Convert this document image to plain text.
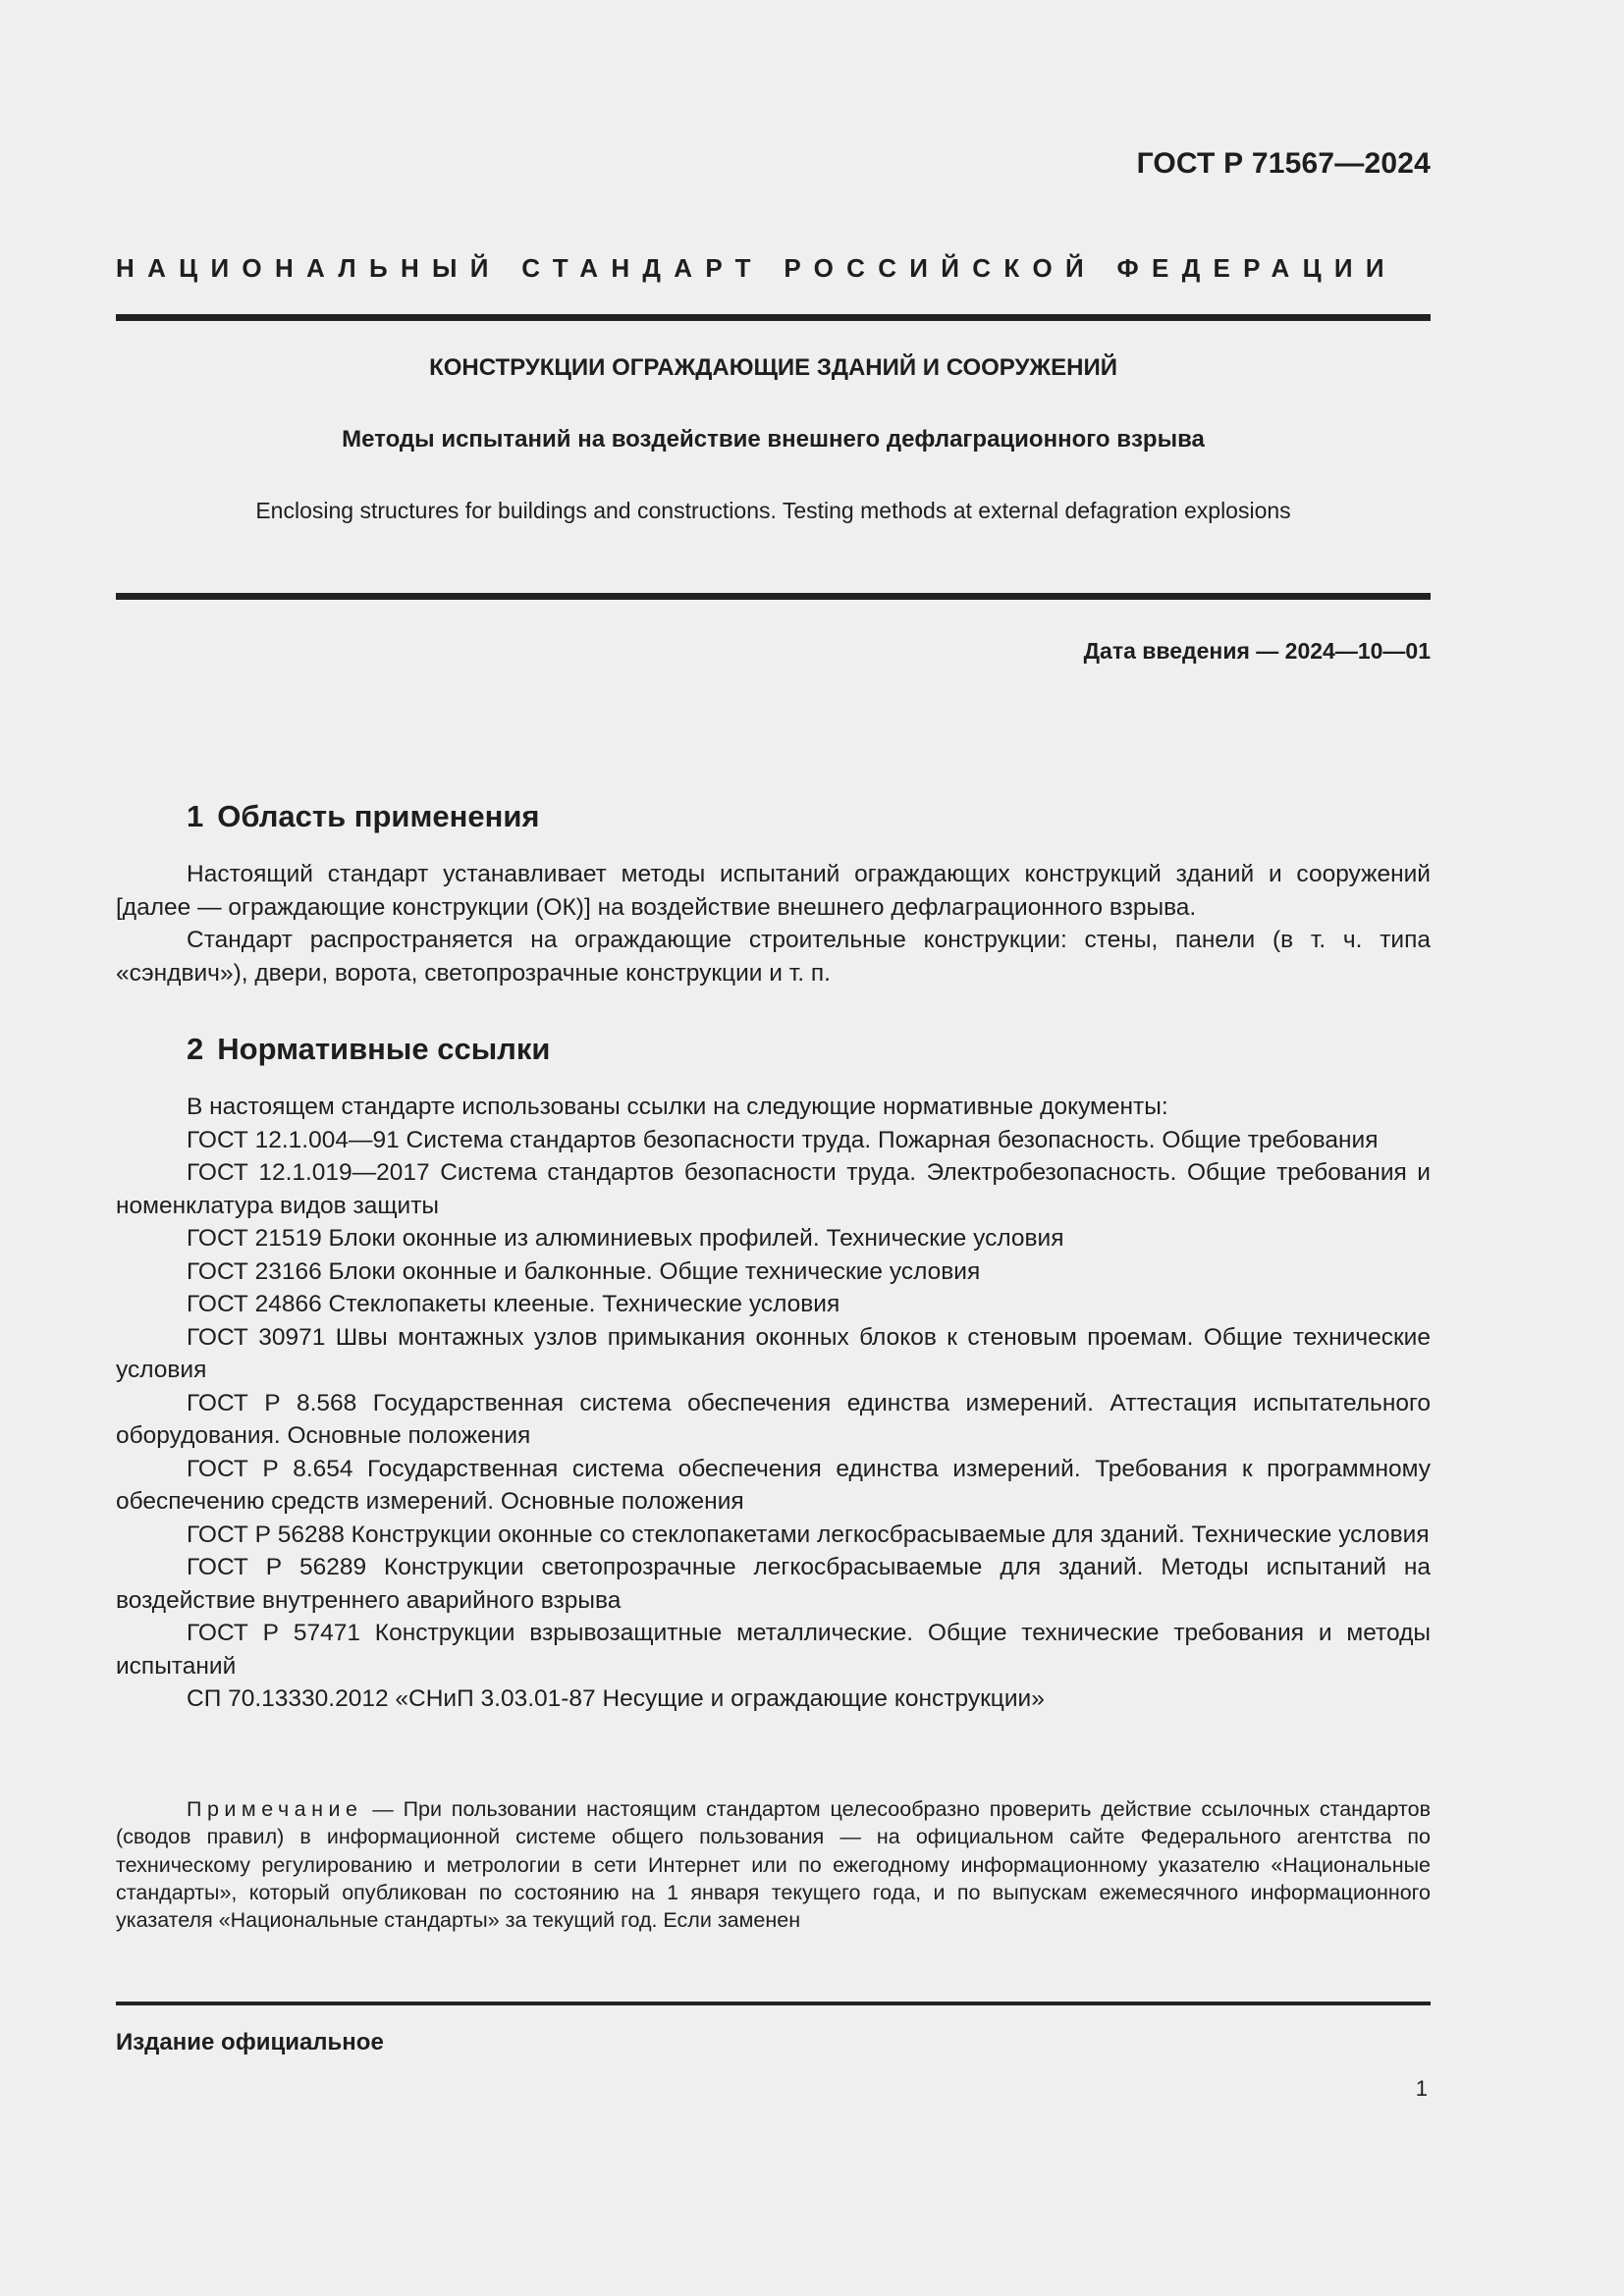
ГОСТ Р 71567—2024
НАЦИОНАЛЬНЫЙ СТАНДАРТ РОССИЙСКОЙ ФЕДЕРАЦИИ
КОНСТРУКЦИИ ОГРАЖДАЮЩИЕ ЗДАНИЙ И СООРУЖЕНИЙ
Методы испытаний на воздействие внешнего дефлаграционного взрыва
Enclosing structures for buildings and constructions. Testing methods at external defagration explosions
Дата введения — 2024—10—01
1 Область применения

Настоящий стандарт устанавливает методы испытаний ограждающих конструкций зданий и сооружений [далее — ограждающие конструкции (ОК)] на воздействие внешнего дефлаграционного взрыва.

Стандарт распространяется на ограждающие строительные конструкции: стены, панели (в т. ч. типа «сэндвич»), двери, ворота, светопрозрачные конструкции и т. п.

2 Нормативные ссылки

В настоящем стандарте использованы ссылки на следующие нормативные документы:

ГОСТ 12.1.004—91 Система стандартов безопасности труда. Пожарная безопасность. Общие требования

ГОСТ 12.1.019—2017 Система стандартов безопасности труда. Электробезопасность. Общие требования и номенклатура видов защиты

ГОСТ 21519 Блоки оконные из алюминиевых профилей. Технические условия

ГОСТ 23166 Блоки оконные и балконные. Общие технические условия

ГОСТ 24866 Стеклопакеты клееные. Технические условия

ГОСТ 30971 Швы монтажных узлов примыкания оконных блоков к стеновым проемам. Общие технические условия

ГОСТ Р 8.568 Государственная система обеспечения единства измерений. Аттестация испытательного оборудования. Основные положения

ГОСТ Р 8.654 Государственная система обеспечения единства измерений. Требования к программному обеспечению средств измерений. Основные положения

ГОСТ Р 56288 Конструкции оконные со стеклопакетами легкосбрасываемые для зданий. Технические условия

ГОСТ Р 56289 Конструкции светопрозрачные легкосбрасываемые для зданий. Методы испытаний на воздействие внутреннего аварийного взрыва

ГОСТ Р 57471 Конструкции взрывозащитные металлические. Общие технические требования и методы испытаний

СП 70.13330.2012 «СНиП 3.03.01-87 Несущие и ограждающие конструкции»

Примечание — При пользовании настоящим стандартом целесообразно проверить действие ссылочных стандартов (сводов правил) в информационной системе общего пользования — на официальном сайте Федерального агентства по техническому регулированию и метрологии в сети Интернет или по ежегодному информационному указателю «Национальные стандарты», который опубликован по состоянию на 1 января текущего года, и по выпускам ежемесячного информационного указателя «Национальные стандарты» за текущий год. Если заменен
Издание официальное
1
